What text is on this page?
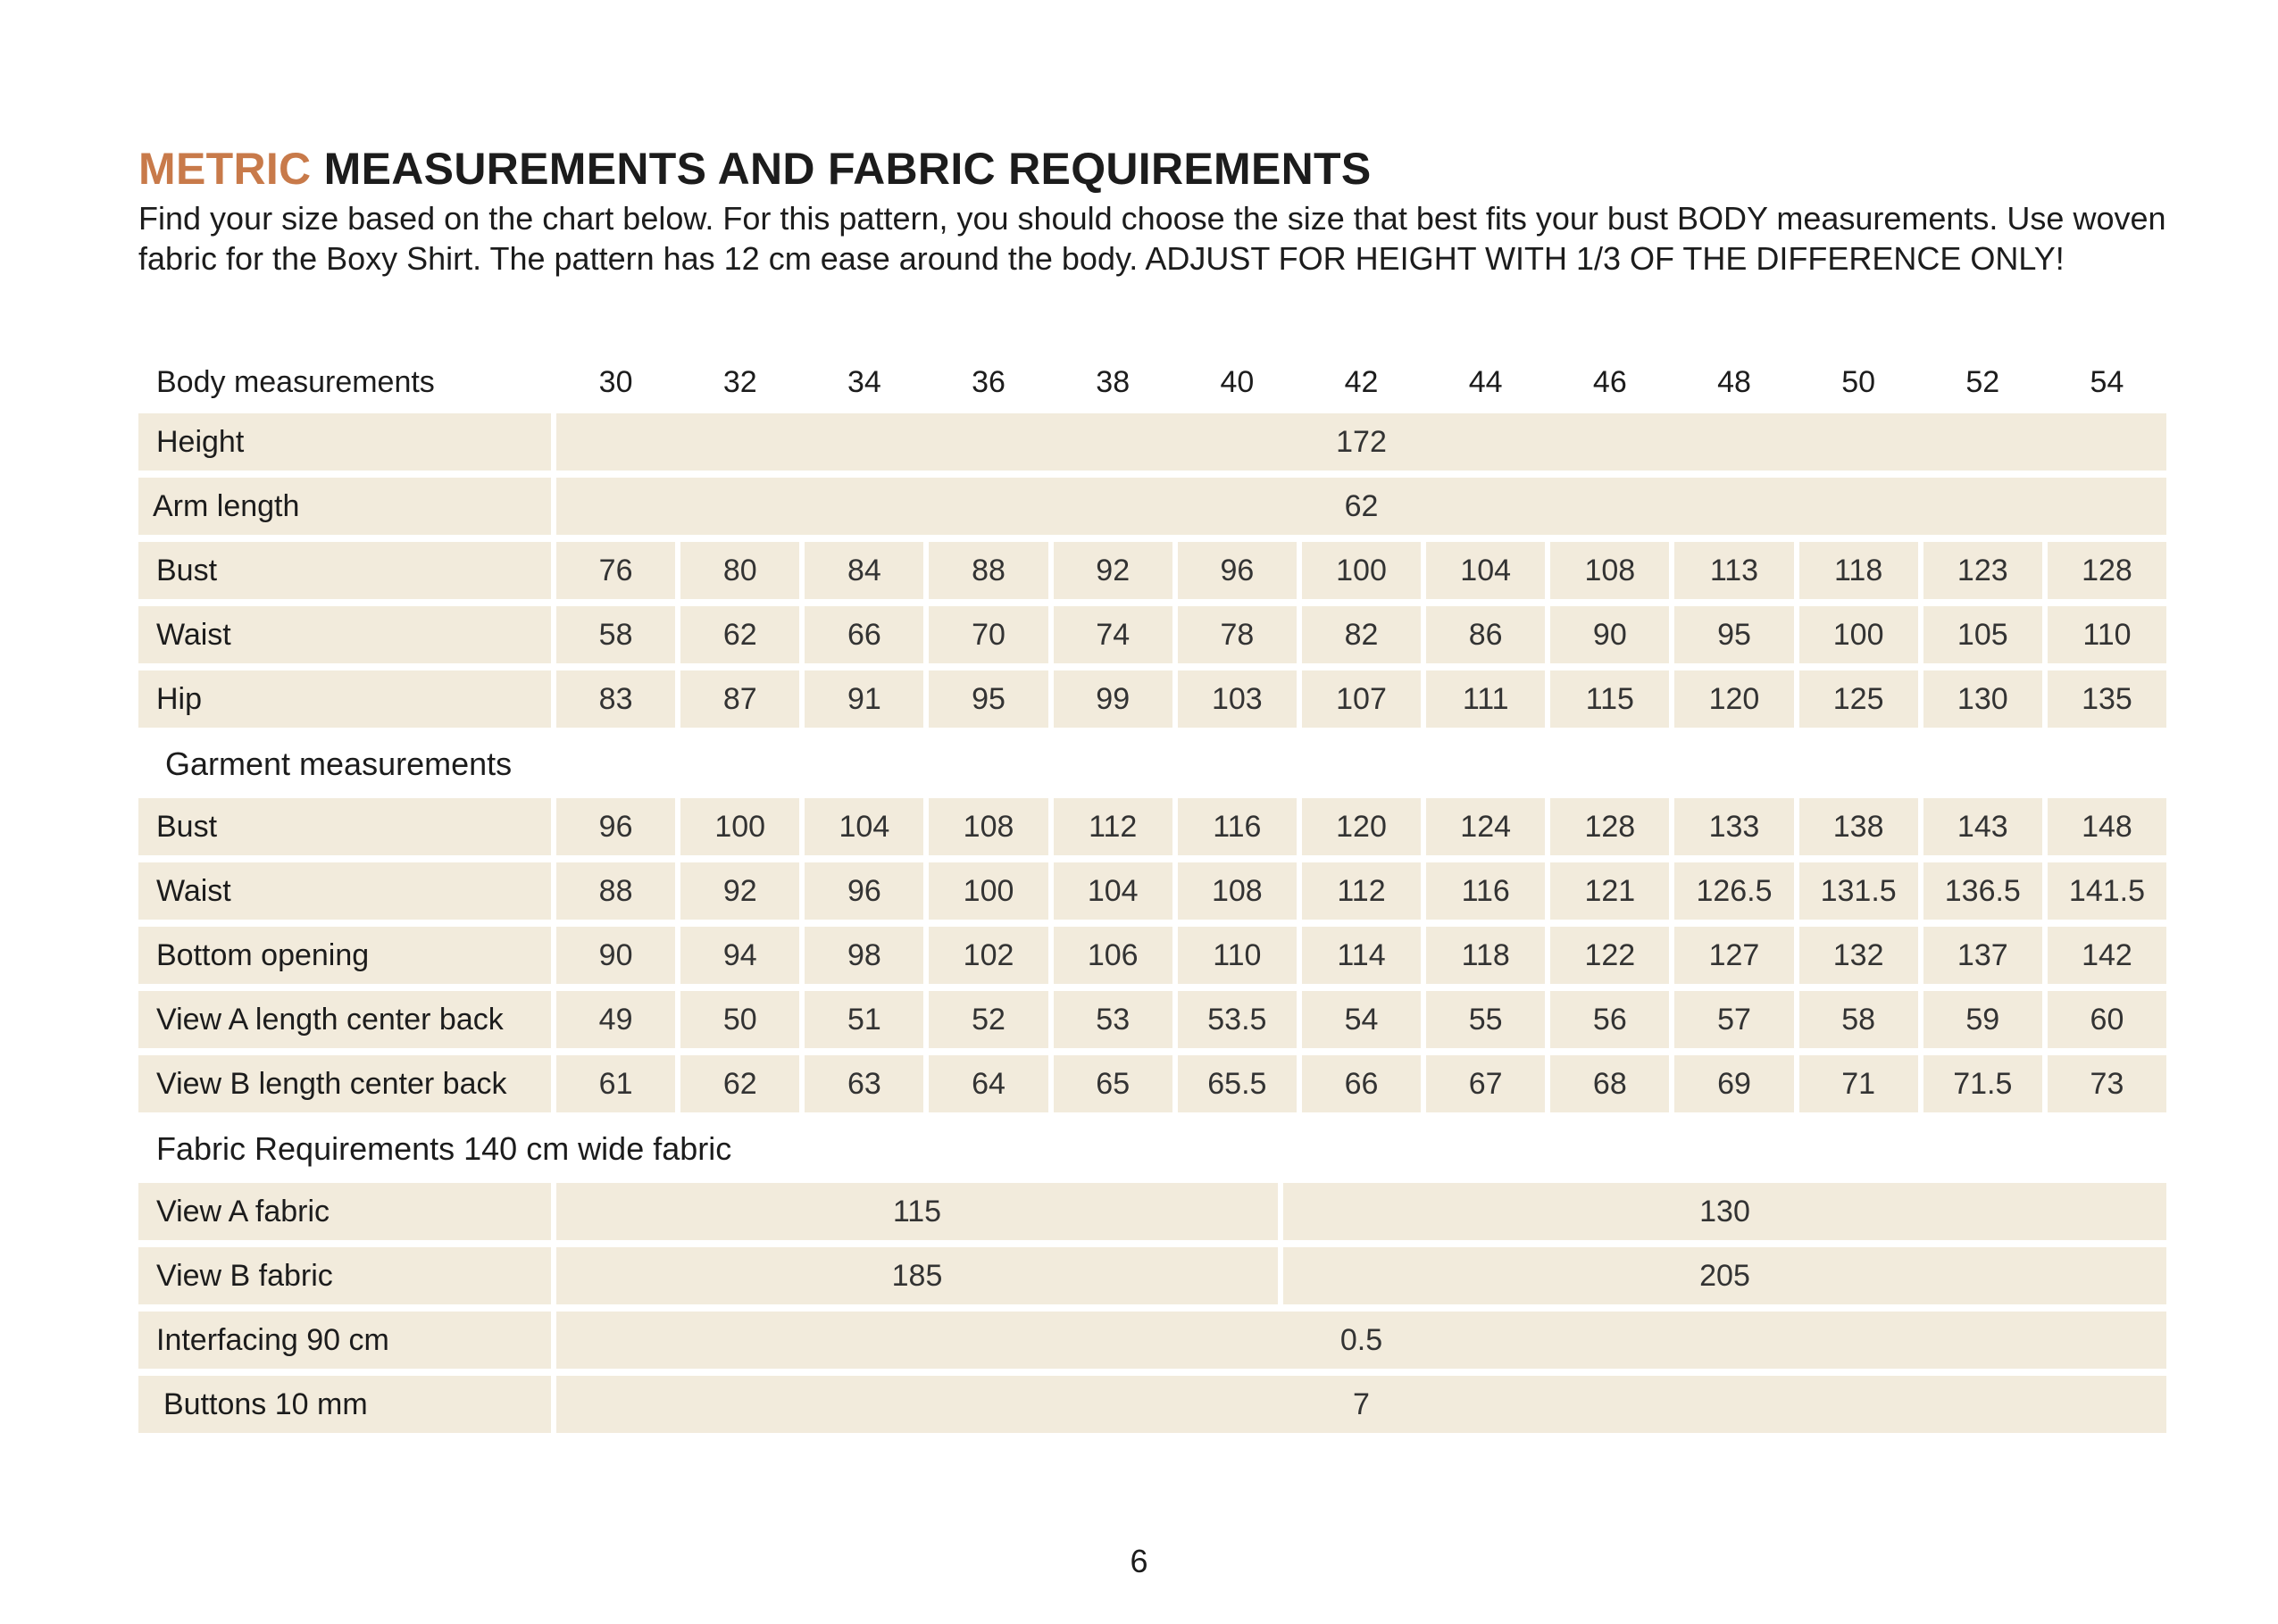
METRIC MEASUREMENTS AND FABRIC REQUIREMENTS

Find your size based on the chart below. For this pattern, you should choose the size that best fits your bust BODY measurements. Use woven fabric for the Boxy Shirt. The pattern has 12 cm ease around the body. ADJUST FOR HEIGHT WITH 1/3 OF THE DIFFERENCE ONLY!

Body measurements	30	32	34	36	38	40	42	44	46	48	50	52	54
Height	172
Arm length	62
Bust	76	80	84	88	92	96	100	104	108	113	118	123	128
Waist	58	62	66	70	74	78	82	86	90	95	100	105	110
Hip	83	87	91	95	99	103	107	111	115	120	125	130	135
Garment measurements
Bust	96	100	104	108	112	116	120	124	128	133	138	143	148
Waist	88	92	96	100	104	108	112	116	121	126.5	131.5	136.5	141.5
Bottom opening	90	94	98	102	106	110	114	118	122	127	132	137	142
View A length center back	49	50	51	52	53	53.5	54	55	56	57	58	59	60
View B length center back	61	62	63	64	65	65.5	66	67	68	69	71	71.5	73
Fabric Requirements 140 cm wide fabric
View A fabric	115	130
View B fabric	185	205
Interfacing 90 cm	0.5
Buttons 10 mm	7
6
